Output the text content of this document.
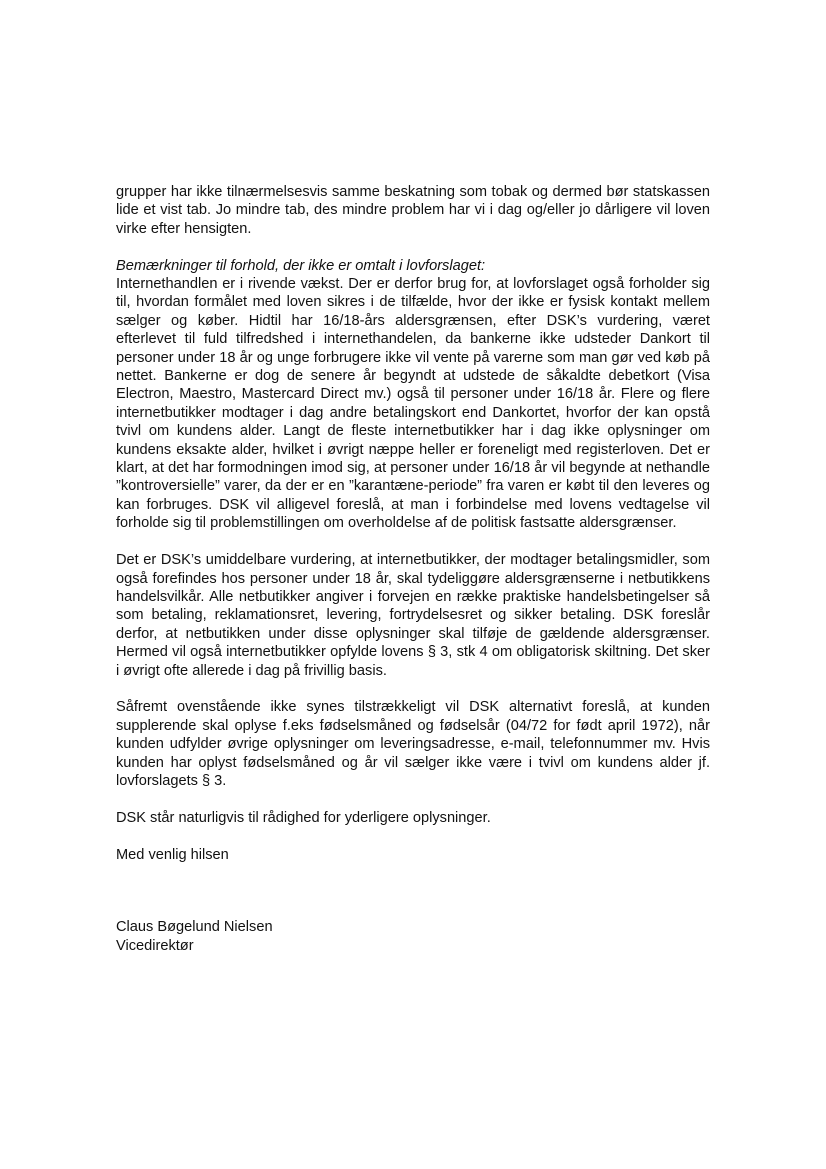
grupper har ikke tilnærmelsesvis samme beskatning som tobak og dermed bør statskassen lide et vist tab. Jo mindre tab, des mindre problem har vi i dag og/eller jo dårligere vil loven virke efter hensigten.

Bemærkninger til forhold, der ikke er omtalt i lovforslaget:

Internethandlen er i rivende vækst. Der er derfor brug for, at lovforslaget også forholder sig til, hvordan formålet med loven sikres i de tilfælde, hvor der ikke er fysisk kontakt mellem sælger og køber. Hidtil har 16/18-års aldersgrænsen, efter DSK’s vurdering, været efterlevet til fuld tilfredshed i internethandelen, da bankerne ikke udsteder Dankort til personer under 18 år og unge forbrugere ikke vil vente på varerne som man gør ved køb på nettet. Bankerne er dog de senere år begyndt at udstede de såkaldte debetkort (Visa Electron, Maestro, Mastercard Direct mv.) også til personer under 16/18 år. Flere og flere internetbutikker modtager i dag andre betalingskort end Dankortet, hvorfor der kan opstå tvivl om kundens alder. Langt de fleste internetbutikker har i dag ikke oplysninger om kundens eksakte alder, hvilket i øvrigt næppe heller er foreneligt med registerloven. Det er klart, at det har formodningen imod sig, at personer under 16/18 år vil begynde at nethandle ”kontroversielle” varer, da der er en ”karantæne-periode” fra varen er købt til den leveres og kan forbruges. DSK vil alligevel foreslå, at man i forbindelse med lovens vedtagelse vil forholde sig til problemstillingen om overholdelse af de politisk fastsatte aldersgrænser.

Det er DSK’s umiddelbare vurdering, at internetbutikker, der modtager betalingsmidler, som også forefindes hos personer under 18 år, skal tydeliggøre aldersgrænserne i netbutikkens handelsvilkår. Alle netbutikker angiver i forvejen en række praktiske handelsbetingelser så som betaling, reklamationsret, levering, fortrydelsesret og sikker betaling. DSK foreslår derfor, at netbutikken under disse oplysninger skal tilføje de gældende aldersgrænser. Hermed vil også internetbutikker opfylde lovens § 3, stk 4 om obligatorisk skiltning. Det sker i øvrigt ofte allerede i dag på frivillig basis.

Såfremt ovenstående ikke synes tilstrækkeligt vil DSK alternativt foreslå, at kunden supplerende skal oplyse f.eks fødselsmåned og fødselsår (04/72 for født april 1972), når kunden udfylder øvrige oplysninger om leveringsadresse, e-mail, telefonnummer mv. Hvis kunden har oplyst fødselsmåned og år vil sælger ikke være i tvivl om kundens alder jf. lovforslagets § 3.

DSK står naturligvis til rådighed for yderligere oplysninger.

Med venlig hilsen

Claus Bøgelund Nielsen

Vicedirektør
